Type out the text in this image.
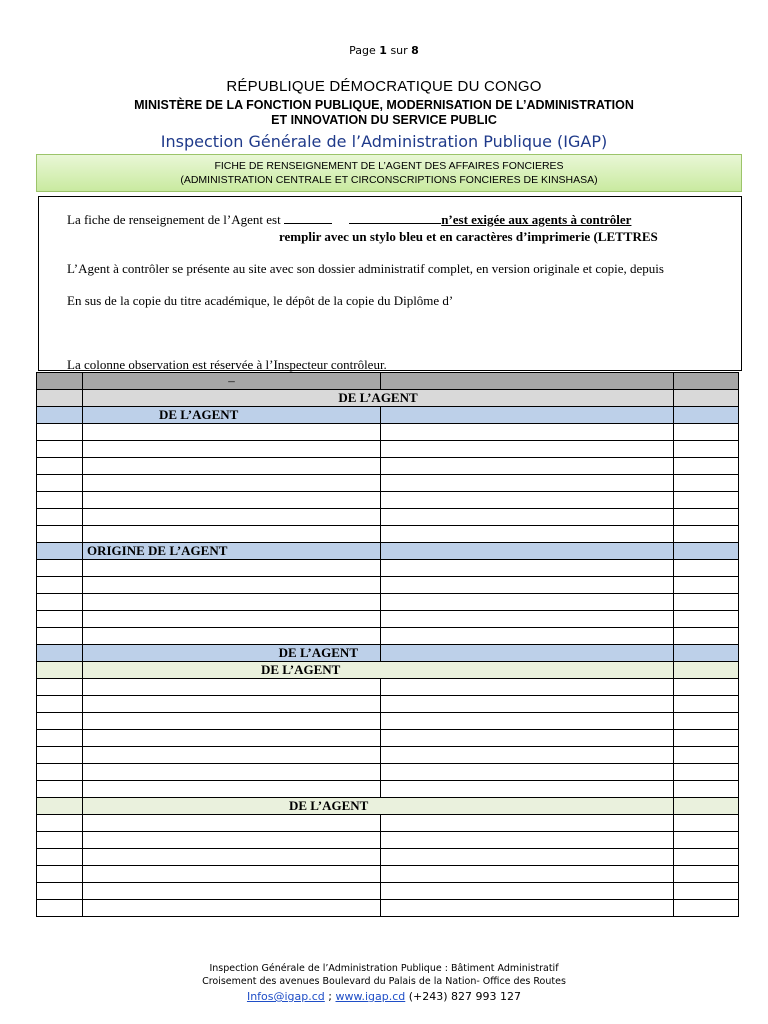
Page 1 sur 8
RÉPUBLIQUE DÉMOCRATIQUE DU CONGO
MINISTÈRE DE LA FONCTION PUBLIQUE, MODERNISATION DE L’ADMINISTRATION
ET INNOVATION DU SERVICE PUBLIC
Inspection Générale de l’Administration Publique (IGAP)
FICHE DE RENSEIGNEMENT DE L’AGENT DES AFFAIRES FONCIERES
(ADMINISTRATION CENTRALE ET CIRCONSCRIPTIONS FONCIERES DE KINSHASA)
La fiche de renseignement de l’Agent est	n’est exigée aux agents à contrôler
remplir avec un stylo bleu et en caractères d’imprimerie (LETTRES
L’Agent à contrôler se présente au site avec son dossier administratif complet, en version originale et copie, depuis
En sus de la copie du titre académique, le dépôt de la copie du Diplôme d’
La colonne observation est réservée à l’Inspecteur contrôleur.
	–		
	DE L’AGENT		
	DE L’AGENT		

	ORIGINE DE L’AGENT		

	DE L’AGENT		
	DE L’AGENT		

	DE L’AGENT		

Inspection Générale de l’Administration Publique : Bâtiment Administratif
Croisement des avenues Boulevard du Palais de la Nation- Office des Routes
Infos@igap.cd ; www.igap.cd (+243) 827 993 127
